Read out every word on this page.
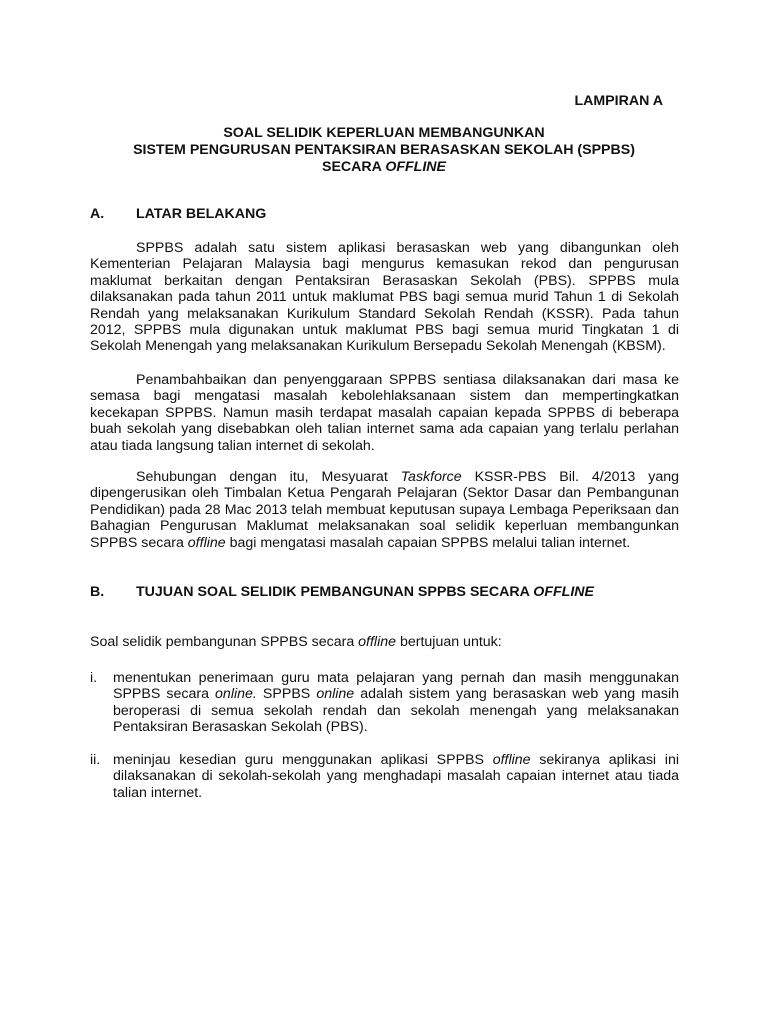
LAMPIRAN A
SOAL SELIDIK KEPERLUAN MEMBANGUNKAN
SISTEM PENGURUSAN PENTAKSIRAN BERASASKAN SEKOLAH (SPPBS)
SECARA OFFLINE
A.	LATAR BELAKANG
SPPBS adalah satu sistem aplikasi berasaskan web yang dibangunkan oleh Kementerian Pelajaran Malaysia bagi mengurus kemasukan rekod dan pengurusan maklumat berkaitan dengan Pentaksiran Berasaskan Sekolah (PBS). SPPBS mula dilaksanakan pada tahun 2011 untuk maklumat PBS bagi semua murid Tahun 1 di Sekolah Rendah yang melaksanakan Kurikulum Standard Sekolah Rendah (KSSR). Pada tahun 2012, SPPBS mula digunakan untuk maklumat PBS bagi semua murid Tingkatan 1 di Sekolah Menengah yang melaksanakan Kurikulum Bersepadu Sekolah Menengah (KBSM).
Penambahbaikan dan penyenggaraan SPPBS sentiasa dilaksanakan dari masa ke semasa bagi mengatasi masalah kebolehlaksanaan sistem dan mempertingkatkan kecekapan SPPBS. Namun masih terdapat masalah capaian kepada SPPBS di beberapa buah sekolah yang disebabkan oleh talian internet sama ada capaian yang terlalu perlahan atau tiada langsung talian internet di sekolah.
Sehubungan dengan itu, Mesyuarat Taskforce KSSR-PBS Bil. 4/2013 yang dipengerusikan oleh Timbalan Ketua Pengarah Pelajaran (Sektor Dasar dan Pembangunan Pendidikan) pada 28 Mac 2013 telah membuat keputusan supaya Lembaga Peperiksaan dan Bahagian Pengurusan Maklumat melaksanakan soal selidik keperluan membangunkan SPPBS secara offline bagi mengatasi masalah capaian SPPBS melalui talian internet.
B.	TUJUAN SOAL SELIDIK PEMBANGUNAN SPPBS SECARA OFFLINE
Soal selidik pembangunan SPPBS secara offline bertujuan untuk:
i.	menentukan penerimaan guru mata pelajaran yang pernah dan masih menggunakan SPPBS secara online. SPPBS online adalah sistem yang berasaskan web yang masih beroperasi di semua sekolah rendah dan sekolah menengah yang melaksanakan Pentaksiran Berasaskan Sekolah (PBS).
ii. meninjau kesedian guru menggunakan aplikasi SPPBS offline sekiranya aplikasi ini dilaksanakan di sekolah-sekolah yang menghadapi masalah capaian internet atau tiada talian internet.
